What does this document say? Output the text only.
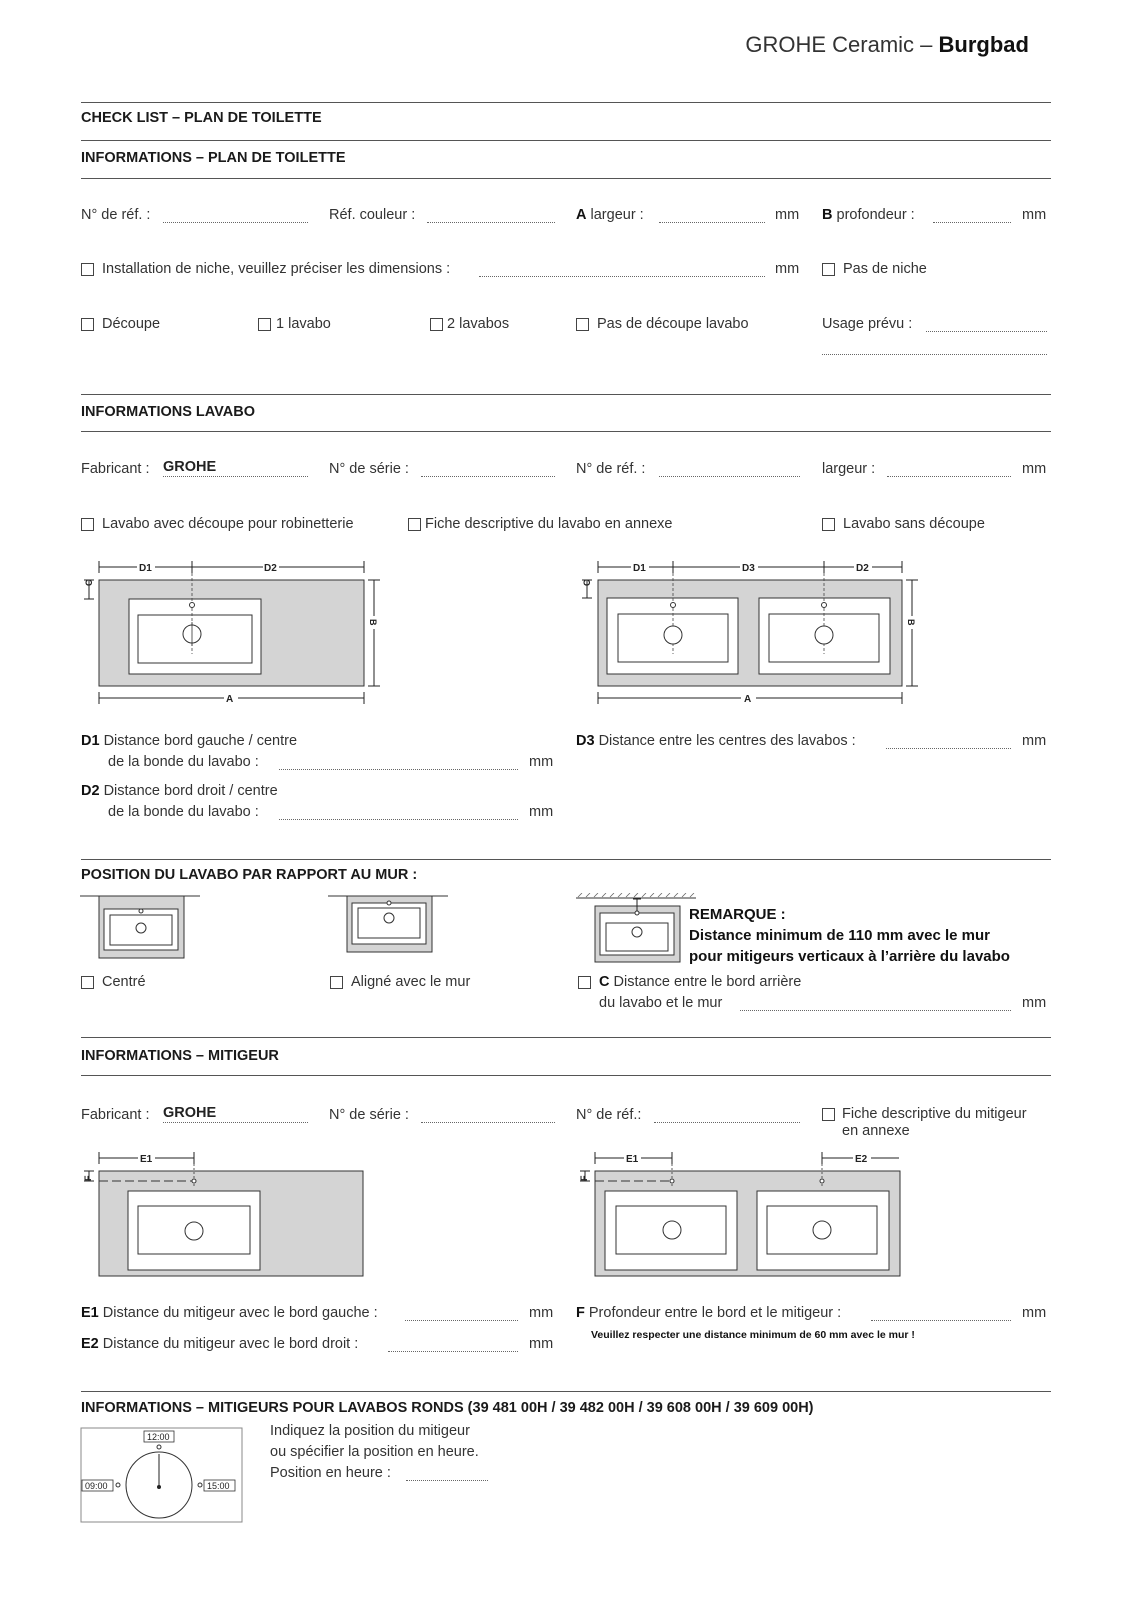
GROHE Ceramic – Burgbad
CHECK LIST – PLAN DE TOILETTE
INFORMATIONS – PLAN DE TOILETTE
N° de réf. :	Réf. couleur :	A largeur :	mm B profondeur :	mm
Installation de niche, veuillez préciser les dimensions :	mm	Pas de niche
Découpe	1 lavabo	2 lavabos	Pas de découpe lavabo	Usage prévu :
INFORMATIONS LAVABO
Fabricant : GROHE	N° de série :	N° de réf. :	largeur :	mm
Lavabo avec découpe pour robinetterie	Fiche descriptive du lavabo en annexe	Lavabo sans découpe
D1	D2
C
B
A
D1	D3	D2
C
B
A
D1 Distance bord gauche / centre
de la bonde du lavabo :	mm
D2 Distance bord droit / centre
de la bonde du lavabo :	mm
D3 Distance entre les centres des lavabos :	mm
POSITION DU LAVABO PAR RAPPORT AU MUR :
REMARQUE :
Distance minimum de 110 mm avec le mur
pour mitigeurs verticaux à l’arrière du lavabo
Centré	Aligné avec le mur	C Distance entre le bord arrière
du lavabo et le mur	mm
INFORMATIONS – MITIGEUR
Fabricant : GROHE	N° de série :	N° de réf.:	Fiche descriptive du mitigeur
en annexe
E1
F
E1	E2
F
E1 Distance du mitigeur avec le bord gauche :	mm
E2 Distance du mitigeur avec le bord droit :	mm
F Profondeur entre le bord et le mitigeur :	mm
Veuillez respecter une distance minimum de 60 mm avec le mur !
INFORMATIONS – MITIGEURS POUR LAVABOS RONDS (39 481 00H / 39 482 00H / 39 608 00H / 39 609 00H)
12:00
09:00	15:00
Indiquez la position du mitigeur
ou spécifier la position en heure.
Position en heure :
